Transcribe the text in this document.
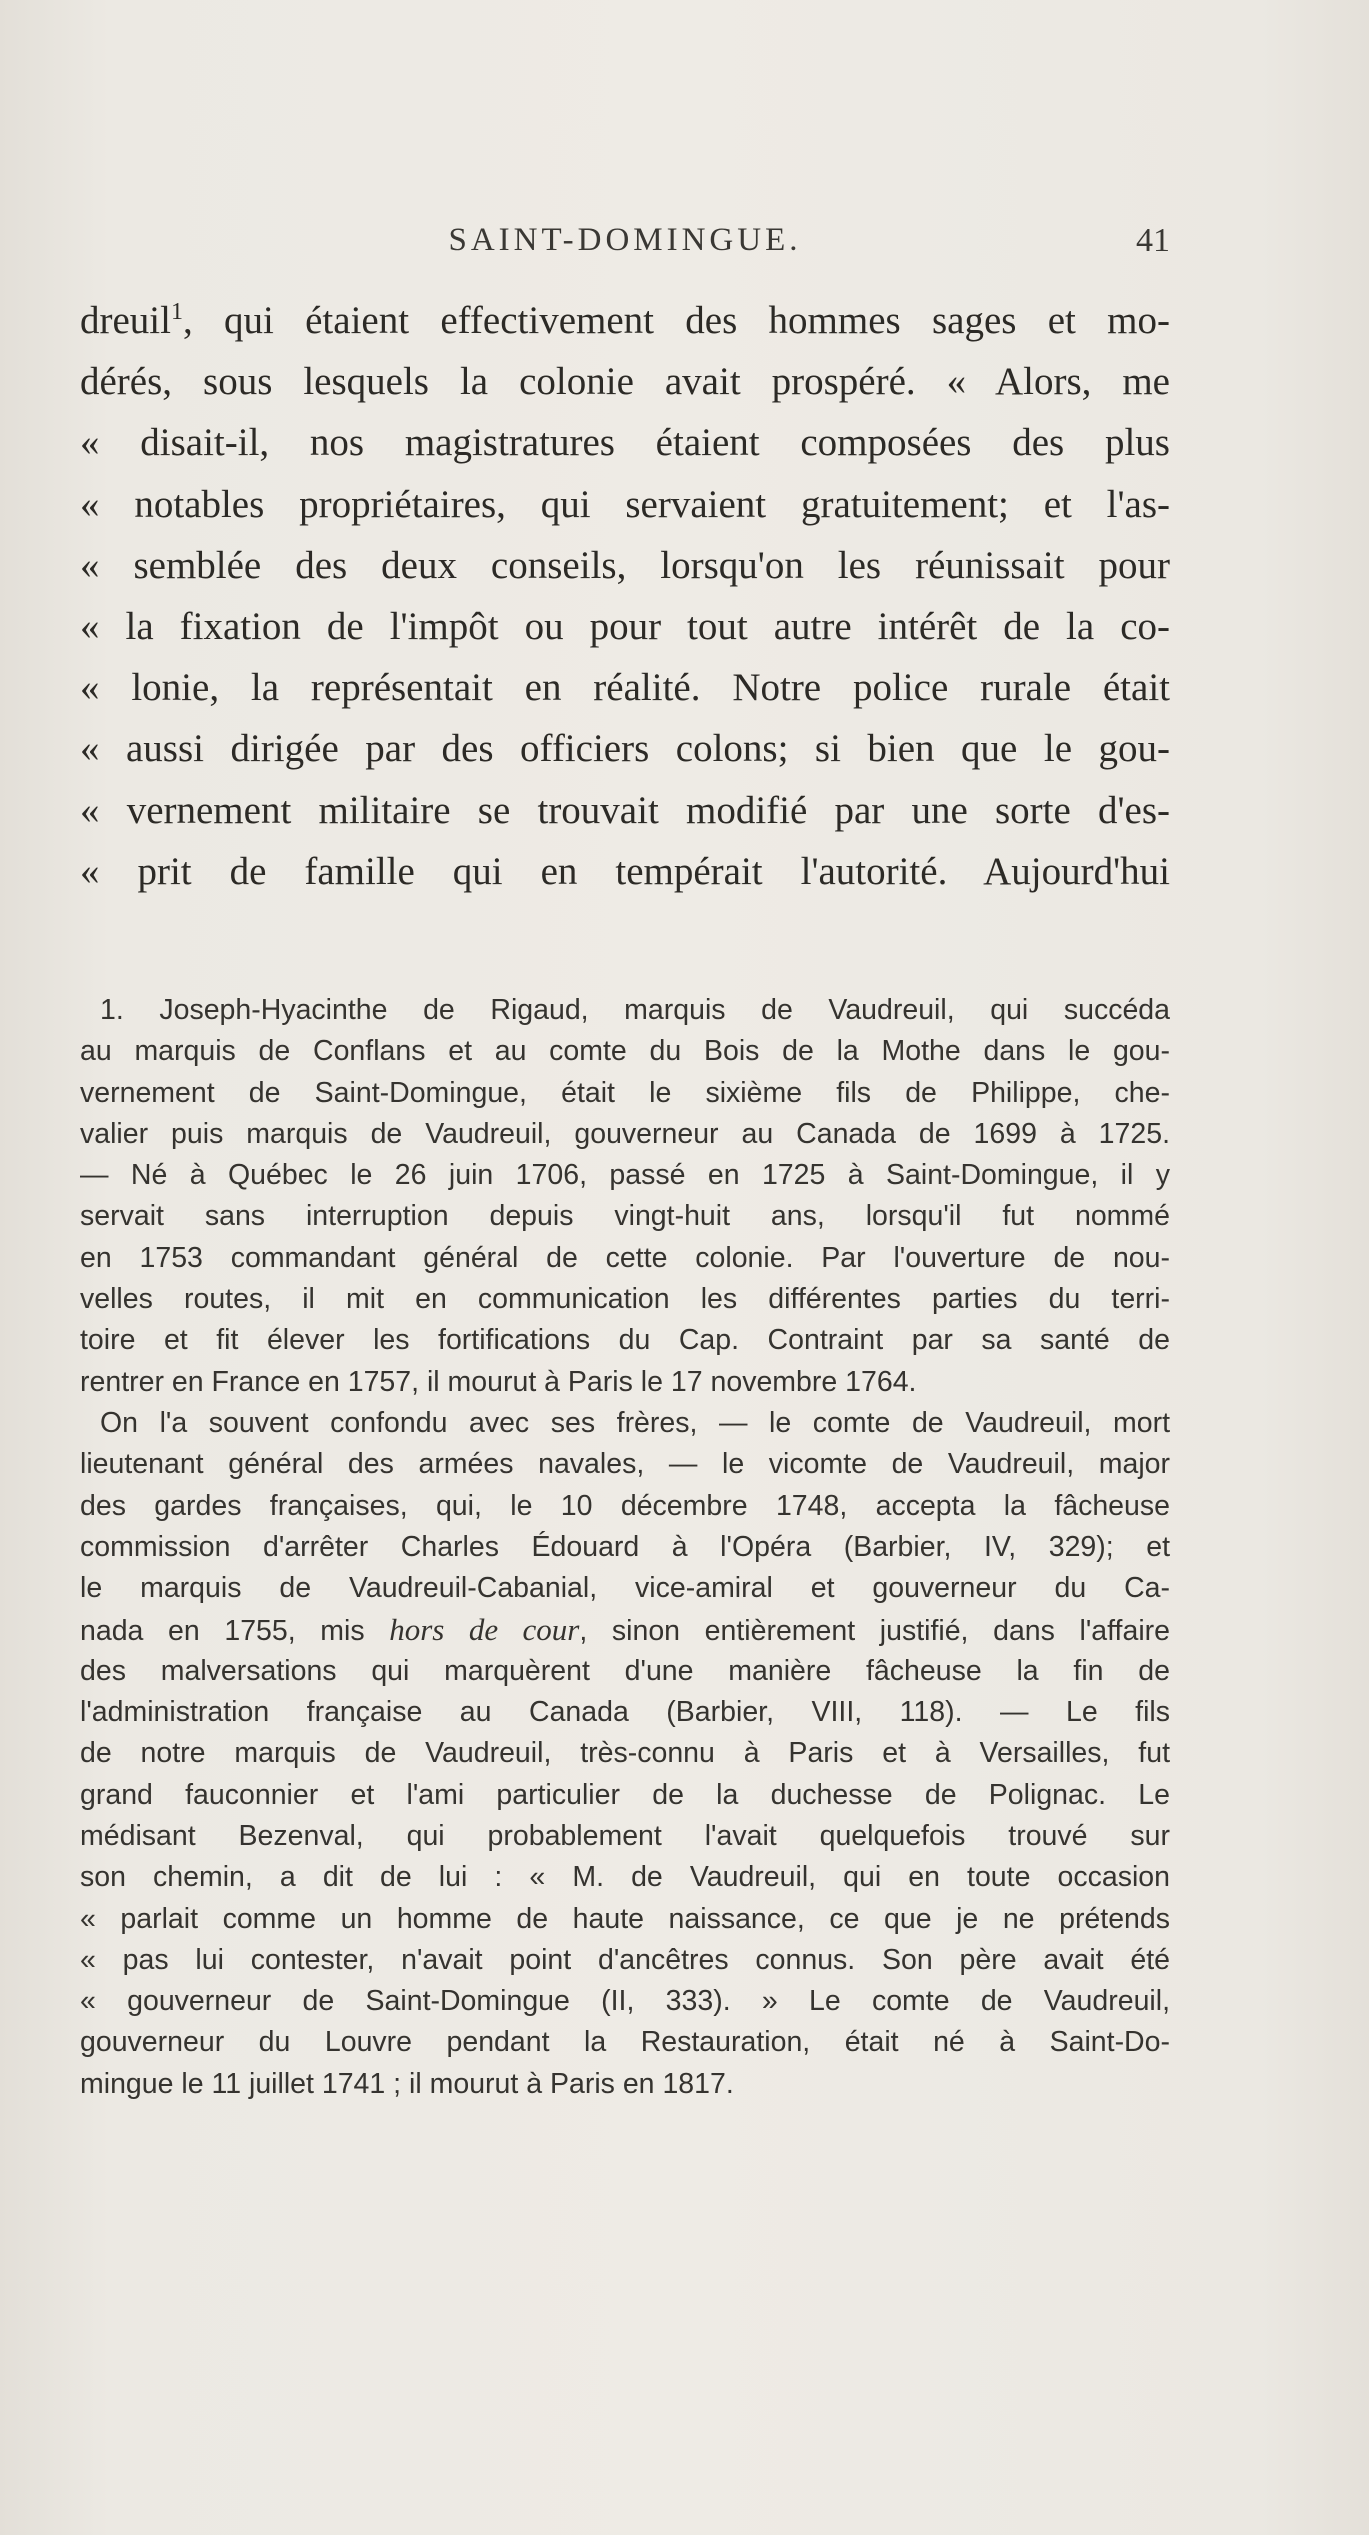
SAINT-DOMINGUE.	41
dreuil$^1$, qui étaient effectivement des hommes sages et mo-
dérés, sous lesquels la colonie avait prospéré. « Alors, me
« disait-il, nos magistratures étaient composées des plus
« notables propriétaires, qui servaient gratuitement; et l'as-
« semblée des deux conseils, lorsqu'on les réunissait pour
« la fixation de l'impôt ou pour tout autre intérêt de la co-
« lonie, la représentait en réalité. Notre police rurale était
« aussi dirigée par des officiers colons; si bien que le gou-
« vernement militaire se trouvait modifié par une sorte d'es-
« prit de famille qui en tempérait l'autorité. Aujourd'hui
1. Joseph-Hyacinthe de Rigaud, marquis de Vaudreuil, qui succéda
au marquis de Conflans et au comte du Bois de la Mothe dans le gou-
vernement de Saint-Domingue, était le sixième fils de Philippe, che-
valier puis marquis de Vaudreuil, gouverneur au Canada de 1699 à 1725.
— Né à Québec le 26 juin 1706, passé en 1725 à Saint-Domingue, il y
servait sans interruption depuis vingt-huit ans, lorsqu'il fut nommé
en 1753 commandant général de cette colonie. Par l'ouverture de nou-
velles routes, il mit en communication les différentes parties du terri-
toire et fit élever les fortifications du Cap. Contraint par sa santé de
rentrer en France en 1757, il mourut à Paris le 17 novembre 1764.
On l'a souvent confondu avec ses frères, — le comte de Vaudreuil, mort
lieutenant général des armées navales, — le vicomte de Vaudreuil, major
des gardes françaises, qui, le 10 décembre 1748, accepta la fâcheuse
commission d'arrêter Charles Édouard à l'Opéra (Barbier, IV, 329); et
le marquis de Vaudreuil-Cabanial, vice-amiral et gouverneur du Ca-
nada en 1755, mis hors de cour, sinon entièrement justifié, dans l'affaire
des malversations qui marquèrent d'une manière fâcheuse la fin de
l'administration française au Canada (Barbier, VIII, 118). — Le fils
de notre marquis de Vaudreuil, très-connu à Paris et à Versailles, fut
grand fauconnier et l'ami particulier de la duchesse de Polignac. Le
médisant Bezenval, qui probablement l'avait quelquefois trouvé sur
son chemin, a dit de lui : « M. de Vaudreuil, qui en toute occasion
« parlait comme un homme de haute naissance, ce que je ne prétends
« pas lui contester, n'avait point d'ancêtres connus. Son père avait été
« gouverneur de Saint-Domingue (II, 333). » Le comte de Vaudreuil,
gouverneur du Louvre pendant la Restauration, était né à Saint-Do-
mingue le 11 juillet 1741 ; il mourut à Paris en 1817.
